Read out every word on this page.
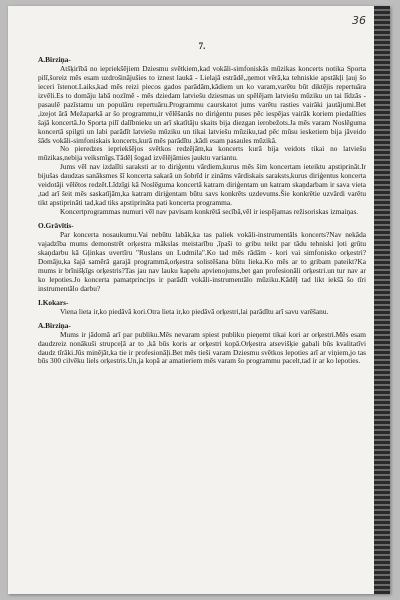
36
7.
A.Birziņa-

Atšķirībā no iepriekšējiem Dziesmu svētkiem,kad vokāli-simfoniskās mūzikas koncerts notika Sporta pilī,šoreiz mēs esam uzdrošinājušies to iznest laukā - Lielajā estrādē,,ņemot vērā,ka tehniskie apstākļi ļauj šo ieceri īstenot.Laiks,kad mēs reizi piecos gados parādām,kādiem un ko varam,varētu būt diktējis repertuāra izvēli.Es to domāju labā nozīmē - mēs dziedam latviešu dziesmas un spēlējam latviešu mūziku un tai līdzās - pasaulē pazīstamu un populāru repertuāru.Programmu caurskatot jums varētu rasties vairāki jautājumi.Bet ,izejot ārā Mežaparkā ar šo programmu,ir vēlēšanās no diriģentu puses pēc iespējas vairāk koriem piedalīties šajā koncertā.Jo Sporta pilī dalībnieku un arī skatītāju skaits bija diezgan ierobežots.Ja mēs varam Noslēguma koncertā spilgti un labi parādīt latviešu mūziku un tikai latviešu mūziku,tad pēc mūsu iesketiem bija jāveido šāds vokāli-simfoniskais koncerts,kurā mēs parādītu ,kādi esam pasaules mūzikā.

No pieredzes iepriekšējos svētkos redzējām,ka koncerts kurā bija veidots tikai no latviešu mūzikas,nebija veiksmīgs.Tādēļ šogad izvēlējāmies jauktu variantu.

Jums vēl nav izdalīti saraksti ar to diriģentu vārdiem,kurus mēs šim koncertam ieteiktu apstiprināt.Ir bijušas daudzas sanāksmes šī koncerta sakarā un šobrīd ir zināms vārdiskais saraksts,kurus diriģentus koncerta veidotāji vēlētos redzēt.Līdzīgi kā Noslēguma koncertā katram diriģentam un katram skaņdarbam ir sava vieta ,tad arī šeit mēs saskatījām,ka katram diriģentam būtu savs konkrēts uzdevums.Šie konkrētie uzvārdi varētu tikt apstiprināti tad,kad tiks apstiprināta pati koncerta programma.

Koncertprogrammas numuri vēl nav pavisam konkrētā secībā,vēl ir iespējamas režisoriskas izmaiņas.

O.Grāvītis-

Par koncerta nosaukumu.Vai nebūtu labāk,ka tas paliek vokāli-instrumentāls koncerts?Nav nekāda vajadzība mums demonstrēt orķestra mākslas meistarību ,īpaši to gribu teikt par tādu tehniski ļoti grūtu skaņdarbu kā Gļinkas uvertīru "Ruslans un Ludmila".Ko tad mēs rādām - kori vai simfonisko orķestri?Domāju,ka šajā samērā garajā programmā,orķestra solistēšana būtu lieka.Ko mēs ar to gribam pateikt?Ka mums ir brīnišķīgs orķestris?Tas jau nav lauku kapelu apvienojums,bet gan profesionāli orķestri.un tur nav ar ko lepoties.Jo koncerta pamatprincips ir parādīt vokāli-instrumentālo mūziku.Kādēļ tad likt iekšā šo tīri instrumentālo darbu?

I.Kokars-

Viena lieta ir,ko piedāvā kori.Otra lieta ir,ko piedāvā orķestri,lai parādītu arī savu varēšanu.

A.Birziņa-

Mums ir jādomā arī par publiku.Mēs nevaram spiest publiku pieņemt tikai kori ar orķestri.Mēs esam daudzreiz nonākuši strupceļā ar to ,kā būs koris ar orķestri kopā.Orķestra atsevišķie gabali būs kvalitatīvi daudz tīrāki.Jūs minējāt,ka tie ir profesionāļi.Bet mēs tieši varam Dziesmu svētkos lepoties arī ar viņiem,jo tas būs 300 cilvēku liels orķestris.Un,ja kopā ar amatieriem mēs varam šo programmu pacelt,tad ir ar ko lepoties.
